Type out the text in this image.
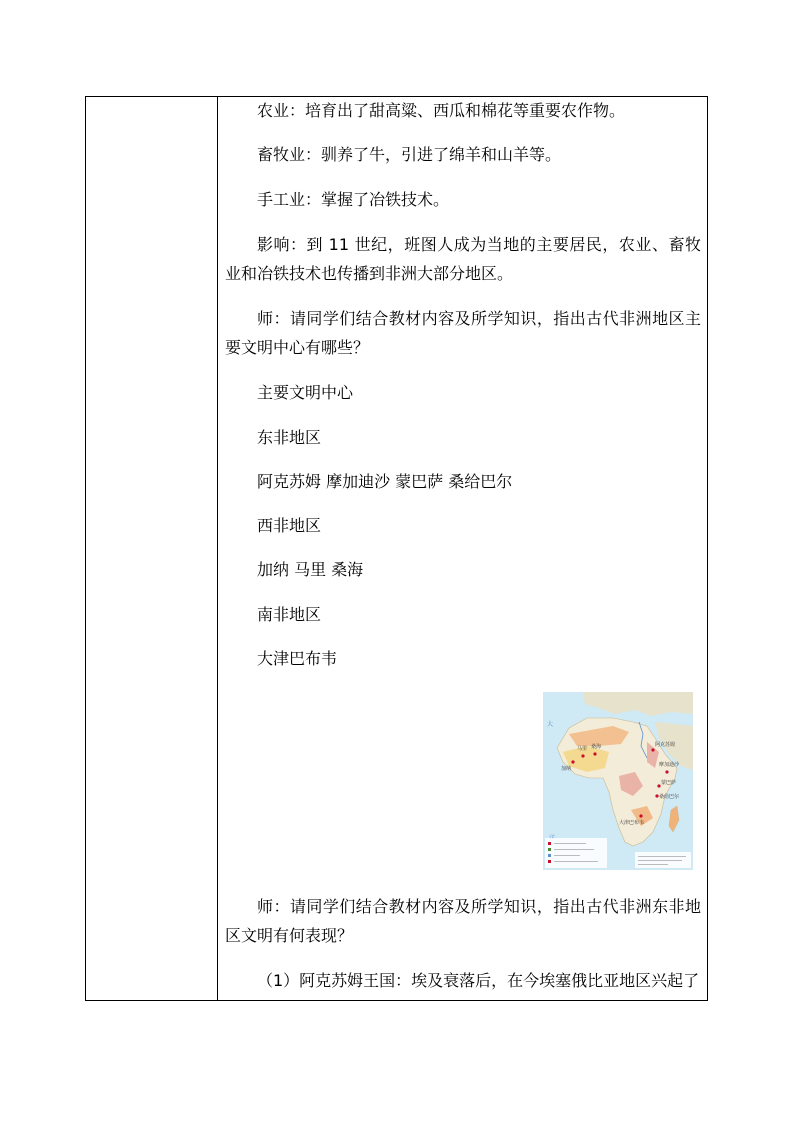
农业：培育出了甜高粱、西瓜和棉花等重要农作物。
畜牧业：驯养了牛，引进了绵羊和山羊等。
手工业：掌握了冶铁技术。
影响：到 11 世纪，班图人成为当地的主要居民，农业、畜牧业和冶铁技术也传播到非洲大部分地区。
师：请同学们结合教材内容及所学知识，指出古代非洲地区主要文明中心有哪些？
主要文明中心
东非地区
阿克苏姆 摩加迪沙 蒙巴萨 桑给巴尔
西非地区
加纳 马里 桑海
南非地区
大津巴布韦
加纳
马里 桑海	阿克苏姆
摩加迪沙
蒙巴萨
桑给巴尔
大津巴布韦
大
师：请同学们结合教材内容及所学知识，指出古代非洲东非地区文明有何表现？
（1）阿克苏姆王国：埃及衰落后，在今埃塞俄比亚地区兴起了
